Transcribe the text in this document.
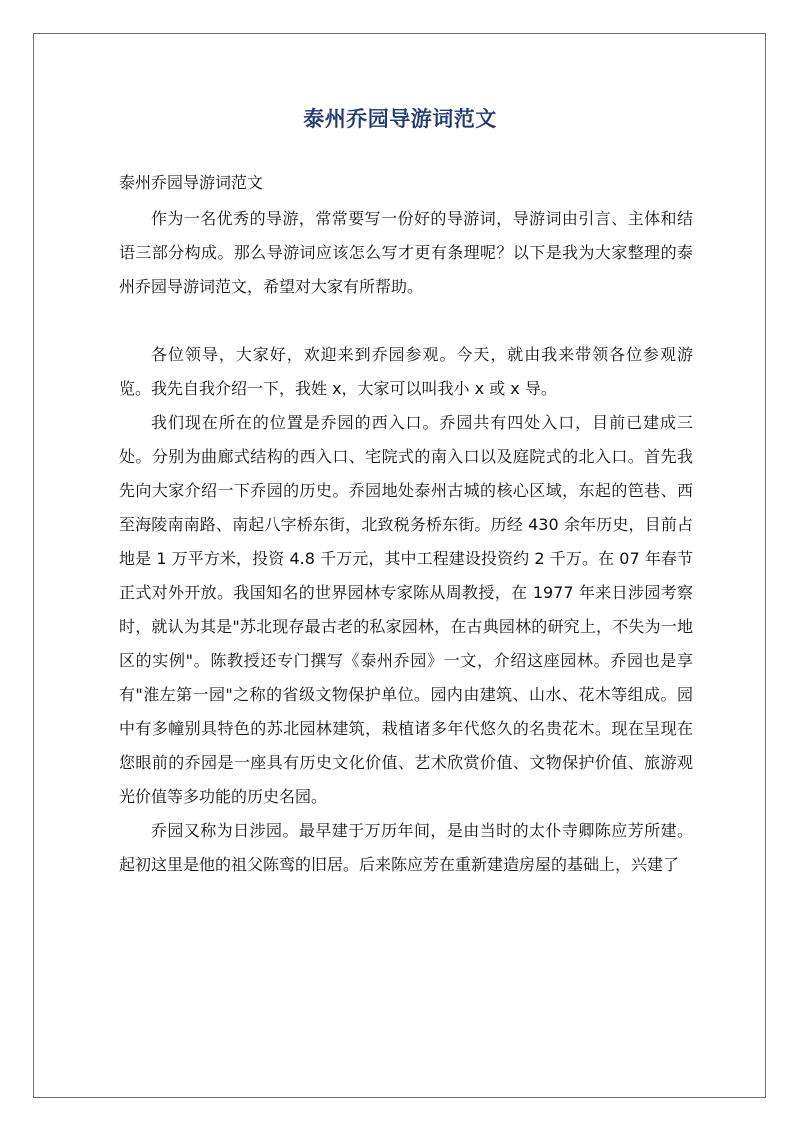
泰州乔园导游词范文

泰州乔园导游词范文

作为一名优秀的导游，常常要写一份好的导游词，导游词由引言、主体和结语三部分构成。那么导游词应该怎么写才更有条理呢？以下是我为大家整理的泰州乔园导游词范文，希望对大家有所帮助。

各位领导，大家好，欢迎来到乔园参观。今天，就由我来带领各位参观游览。我先自我介绍一下，我姓 x，大家可以叫我小 x 或 x 导。

我们现在所在的位置是乔园的西入口。乔园共有四处入口，目前已建成三处。分别为曲廊式结构的西入口、宅院式的南入口以及庭院式的北入口。首先我先向大家介绍一下乔园的历史。乔园地处泰州古城的核心区域，东起的笆巷、西至海陵南南路、南起八字桥东街，北致税务桥东街。历经 430 余年历史，目前占地是 1 万平方米，投资 4.8 千万元，其中工程建设投资约 2 千万。在 07 年春节正式对外开放。我国知名的世界园林专家陈从周教授，在 1977 年来日涉园考察时，就认为其是"苏北现存最古老的私家园林，在古典园林的研究上，不失为一地区的实例"。陈教授还专门撰写《泰州乔园》一文，介绍这座园林。乔园也是享有"淮左第一园"之称的省级文物保护单位。园内由建筑、山水、花木等组成。园中有多幢别具特色的苏北园林建筑，栽植诸多年代悠久的名贵花木。现在呈现在您眼前的乔园是一座具有历史文化价值、艺术欣赏价值、文物保护价值、旅游观光价值等多功能的历史名园。

乔园又称为日涉园。最早建于万历年间，是由当时的太仆寺卿陈应芳所建。起初这里是他的祖父陈鸾的旧居。后来陈应芳在重新建造房屋的基础上，兴建了
